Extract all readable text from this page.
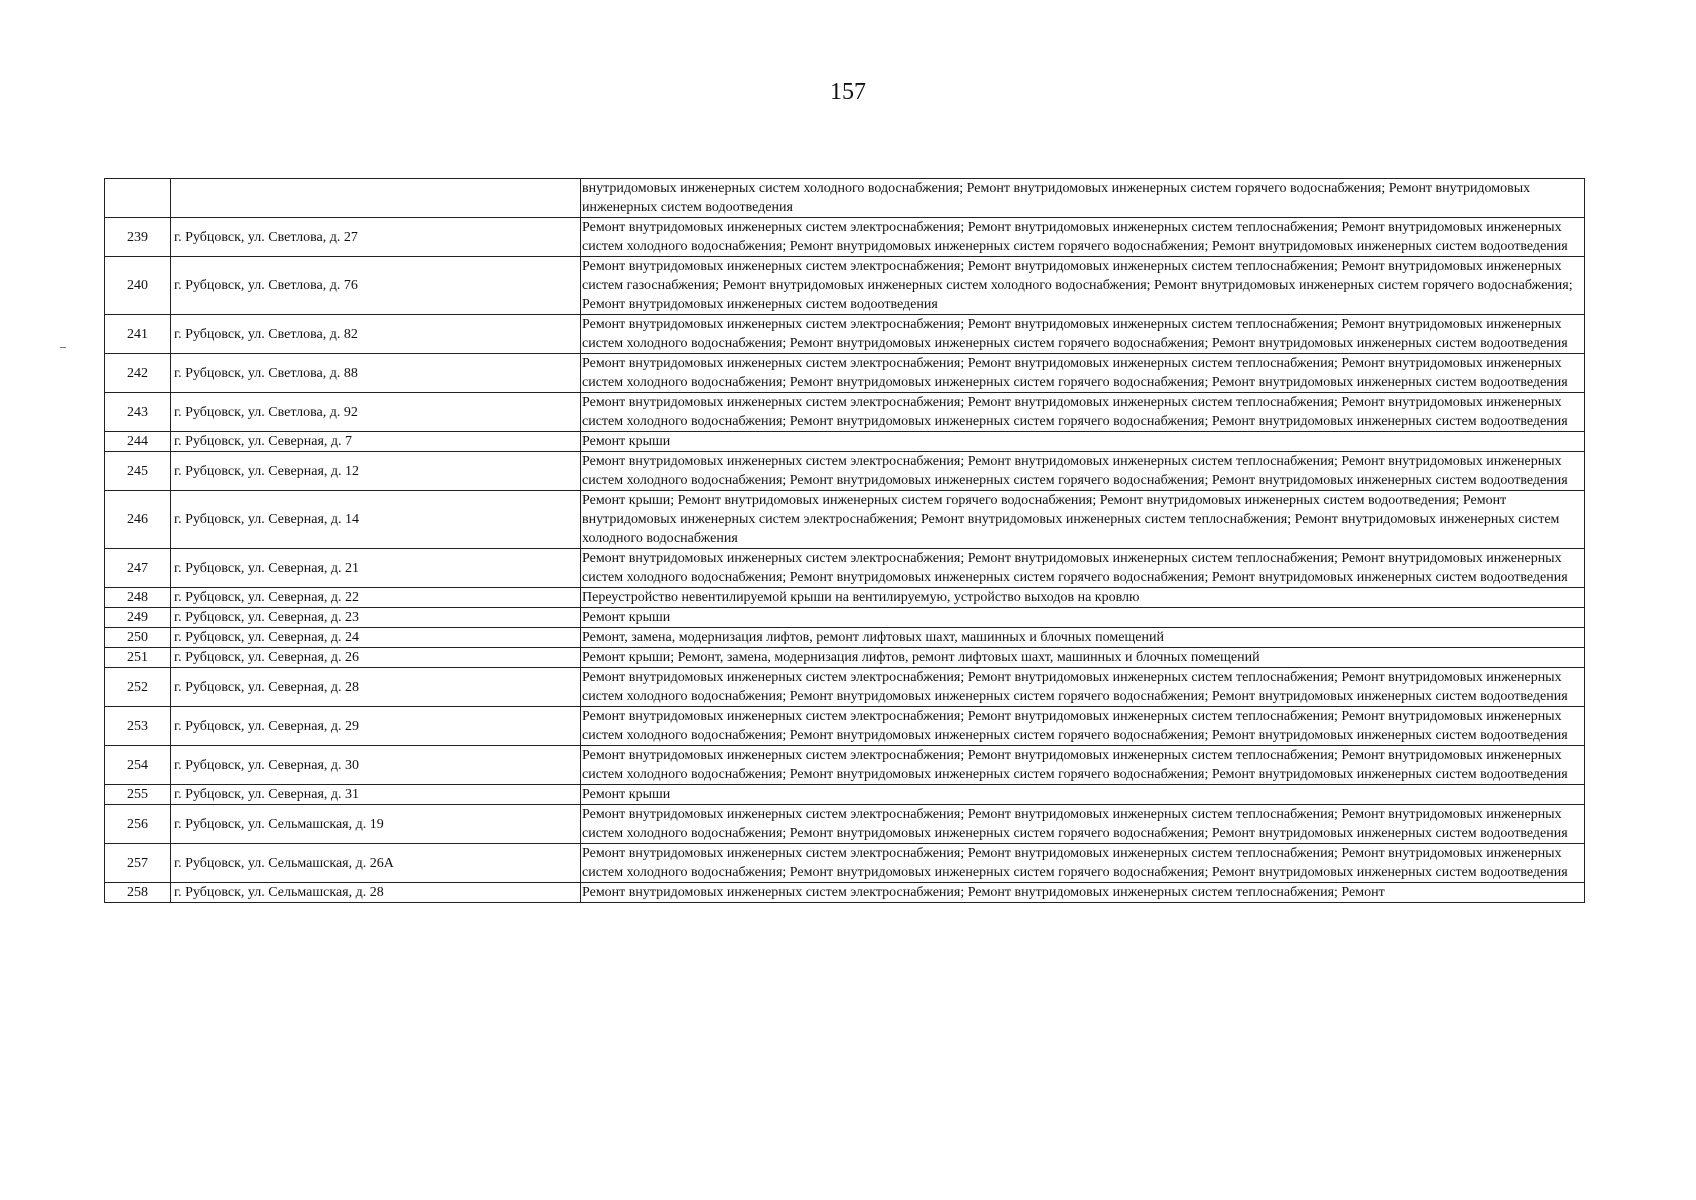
157
		внутридомовых инженерных систем холодного водоснабжения; Ремонт внутридомовых инженерных систем горячего водоснабжения; Ремонт внутридомовых инженерных систем водоотведения
239	г. Рубцовск, ул. Светлова, д. 27	Ремонт внутридомовых инженерных систем электроснабжения; Ремонт внутридомовых инженерных систем теплоснабжения; Ремонт внутридомовых инженерных систем холодного водоснабжения; Ремонт внутридомовых инженерных систем горячего водоснабжения; Ремонт внутридомовых инженерных систем водоотведения
240	г. Рубцовск, ул. Светлова, д. 76	Ремонт внутридомовых инженерных систем электроснабжения; Ремонт внутридомовых инженерных систем теплоснабжения; Ремонт внутридомовых инженерных систем газоснабжения; Ремонт внутридомовых инженерных систем холодного водоснабжения; Ремонт внутридомовых инженерных систем горячего водоснабжения; Ремонт внутридомовых инженерных систем водоотведения
241	г. Рубцовск, ул. Светлова, д. 82	Ремонт внутридомовых инженерных систем электроснабжения; Ремонт внутридомовых инженерных систем теплоснабжения; Ремонт внутридомовых инженерных систем холодного водоснабжения; Ремонт внутридомовых инженерных систем горячего водоснабжения; Ремонт внутридомовых инженерных систем водоотведения
242	г. Рубцовск, ул. Светлова, д. 88	Ремонт внутридомовых инженерных систем электроснабжения; Ремонт внутридомовых инженерных систем теплоснабжения; Ремонт внутридомовых инженерных систем холодного водоснабжения; Ремонт внутридомовых инженерных систем горячего водоснабжения; Ремонт внутридомовых инженерных систем водоотведения
243	г. Рубцовск, ул. Светлова, д. 92	Ремонт внутридомовых инженерных систем электроснабжения; Ремонт внутридомовых инженерных систем теплоснабжения; Ремонт внутридомовых инженерных систем холодного водоснабжения; Ремонт внутридомовых инженерных систем горячего водоснабжения; Ремонт внутридомовых инженерных систем водоотведения
244	г. Рубцовск, ул. Северная, д. 7	Ремонт крыши
245	г. Рубцовск, ул. Северная, д. 12	Ремонт внутридомовых инженерных систем электроснабжения; Ремонт внутридомовых инженерных систем теплоснабжения; Ремонт внутридомовых инженерных систем холодного водоснабжения; Ремонт внутридомовых инженерных систем горячего водоснабжения; Ремонт внутридомовых инженерных систем водоотведения
246	г. Рубцовск, ул. Северная, д. 14	Ремонт крыши; Ремонт внутридомовых инженерных систем горячего водоснабжения; Ремонт внутридомовых инженерных систем водоотведения; Ремонт внутридомовых инженерных систем электроснабжения; Ремонт внутридомовых инженерных систем теплоснабжения; Ремонт внутридомовых инженерных систем холодного водоснабжения
247	г. Рубцовск, ул. Северная, д. 21	Ремонт внутридомовых инженерных систем электроснабжения; Ремонт внутридомовых инженерных систем теплоснабжения; Ремонт внутридомовых инженерных систем холодного водоснабжения; Ремонт внутридомовых инженерных систем горячего водоснабжения; Ремонт внутридомовых инженерных систем водоотведения
248	г. Рубцовск, ул. Северная, д. 22	Переустройство невентилируемой крыши на вентилируемую, устройство выходов на кровлю
249	г. Рубцовск, ул. Северная, д. 23	Ремонт крыши
250	г. Рубцовск, ул. Северная, д. 24	Ремонт, замена, модернизация лифтов, ремонт лифтовых шахт, машинных и блочных помещений
251	г. Рубцовск, ул. Северная, д. 26	Ремонт крыши; Ремонт, замена, модернизация лифтов, ремонт лифтовых шахт, машинных и блочных помещений
252	г. Рубцовск, ул. Северная, д. 28	Ремонт внутридомовых инженерных систем электроснабжения; Ремонт внутридомовых инженерных систем теплоснабжения; Ремонт внутридомовых инженерных систем холодного водоснабжения; Ремонт внутридомовых инженерных систем горячего водоснабжения; Ремонт внутридомовых инженерных систем водоотведения
253	г. Рубцовск, ул. Северная, д. 29	Ремонт внутридомовых инженерных систем электроснабжения; Ремонт внутридомовых инженерных систем теплоснабжения; Ремонт внутридомовых инженерных систем холодного водоснабжения; Ремонт внутридомовых инженерных систем горячего водоснабжения; Ремонт внутридомовых инженерных систем водоотведения
254	г. Рубцовск, ул. Северная, д. 30	Ремонт внутридомовых инженерных систем электроснабжения; Ремонт внутридомовых инженерных систем теплоснабжения; Ремонт внутридомовых инженерных систем холодного водоснабжения; Ремонт внутридомовых инженерных систем горячего водоснабжения; Ремонт внутридомовых инженерных систем водоотведения
255	г. Рубцовск, ул. Северная, д. 31	Ремонт крыши
256	г. Рубцовск, ул. Сельмашская, д. 19	Ремонт внутридомовых инженерных систем электроснабжения; Ремонт внутридомовых инженерных систем теплоснабжения; Ремонт внутридомовых инженерных систем холодного водоснабжения; Ремонт внутридомовых инженерных систем горячего водоснабжения; Ремонт внутридомовых инженерных систем водоотведения
257	г. Рубцовск, ул. Сельмашская, д. 26А	Ремонт внутридомовых инженерных систем электроснабжения; Ремонт внутридомовых инженерных систем теплоснабжения; Ремонт внутридомовых инженерных систем холодного водоснабжения; Ремонт внутридомовых инженерных систем горячего водоснабжения; Ремонт внутридомовых инженерных систем водоотведения
258	г. Рубцовск, ул. Сельмашская, д. 28	Ремонт внутридомовых инженерных систем электроснабжения; Ремонт внутридомовых инженерных систем теплоснабжения; Ремонт
